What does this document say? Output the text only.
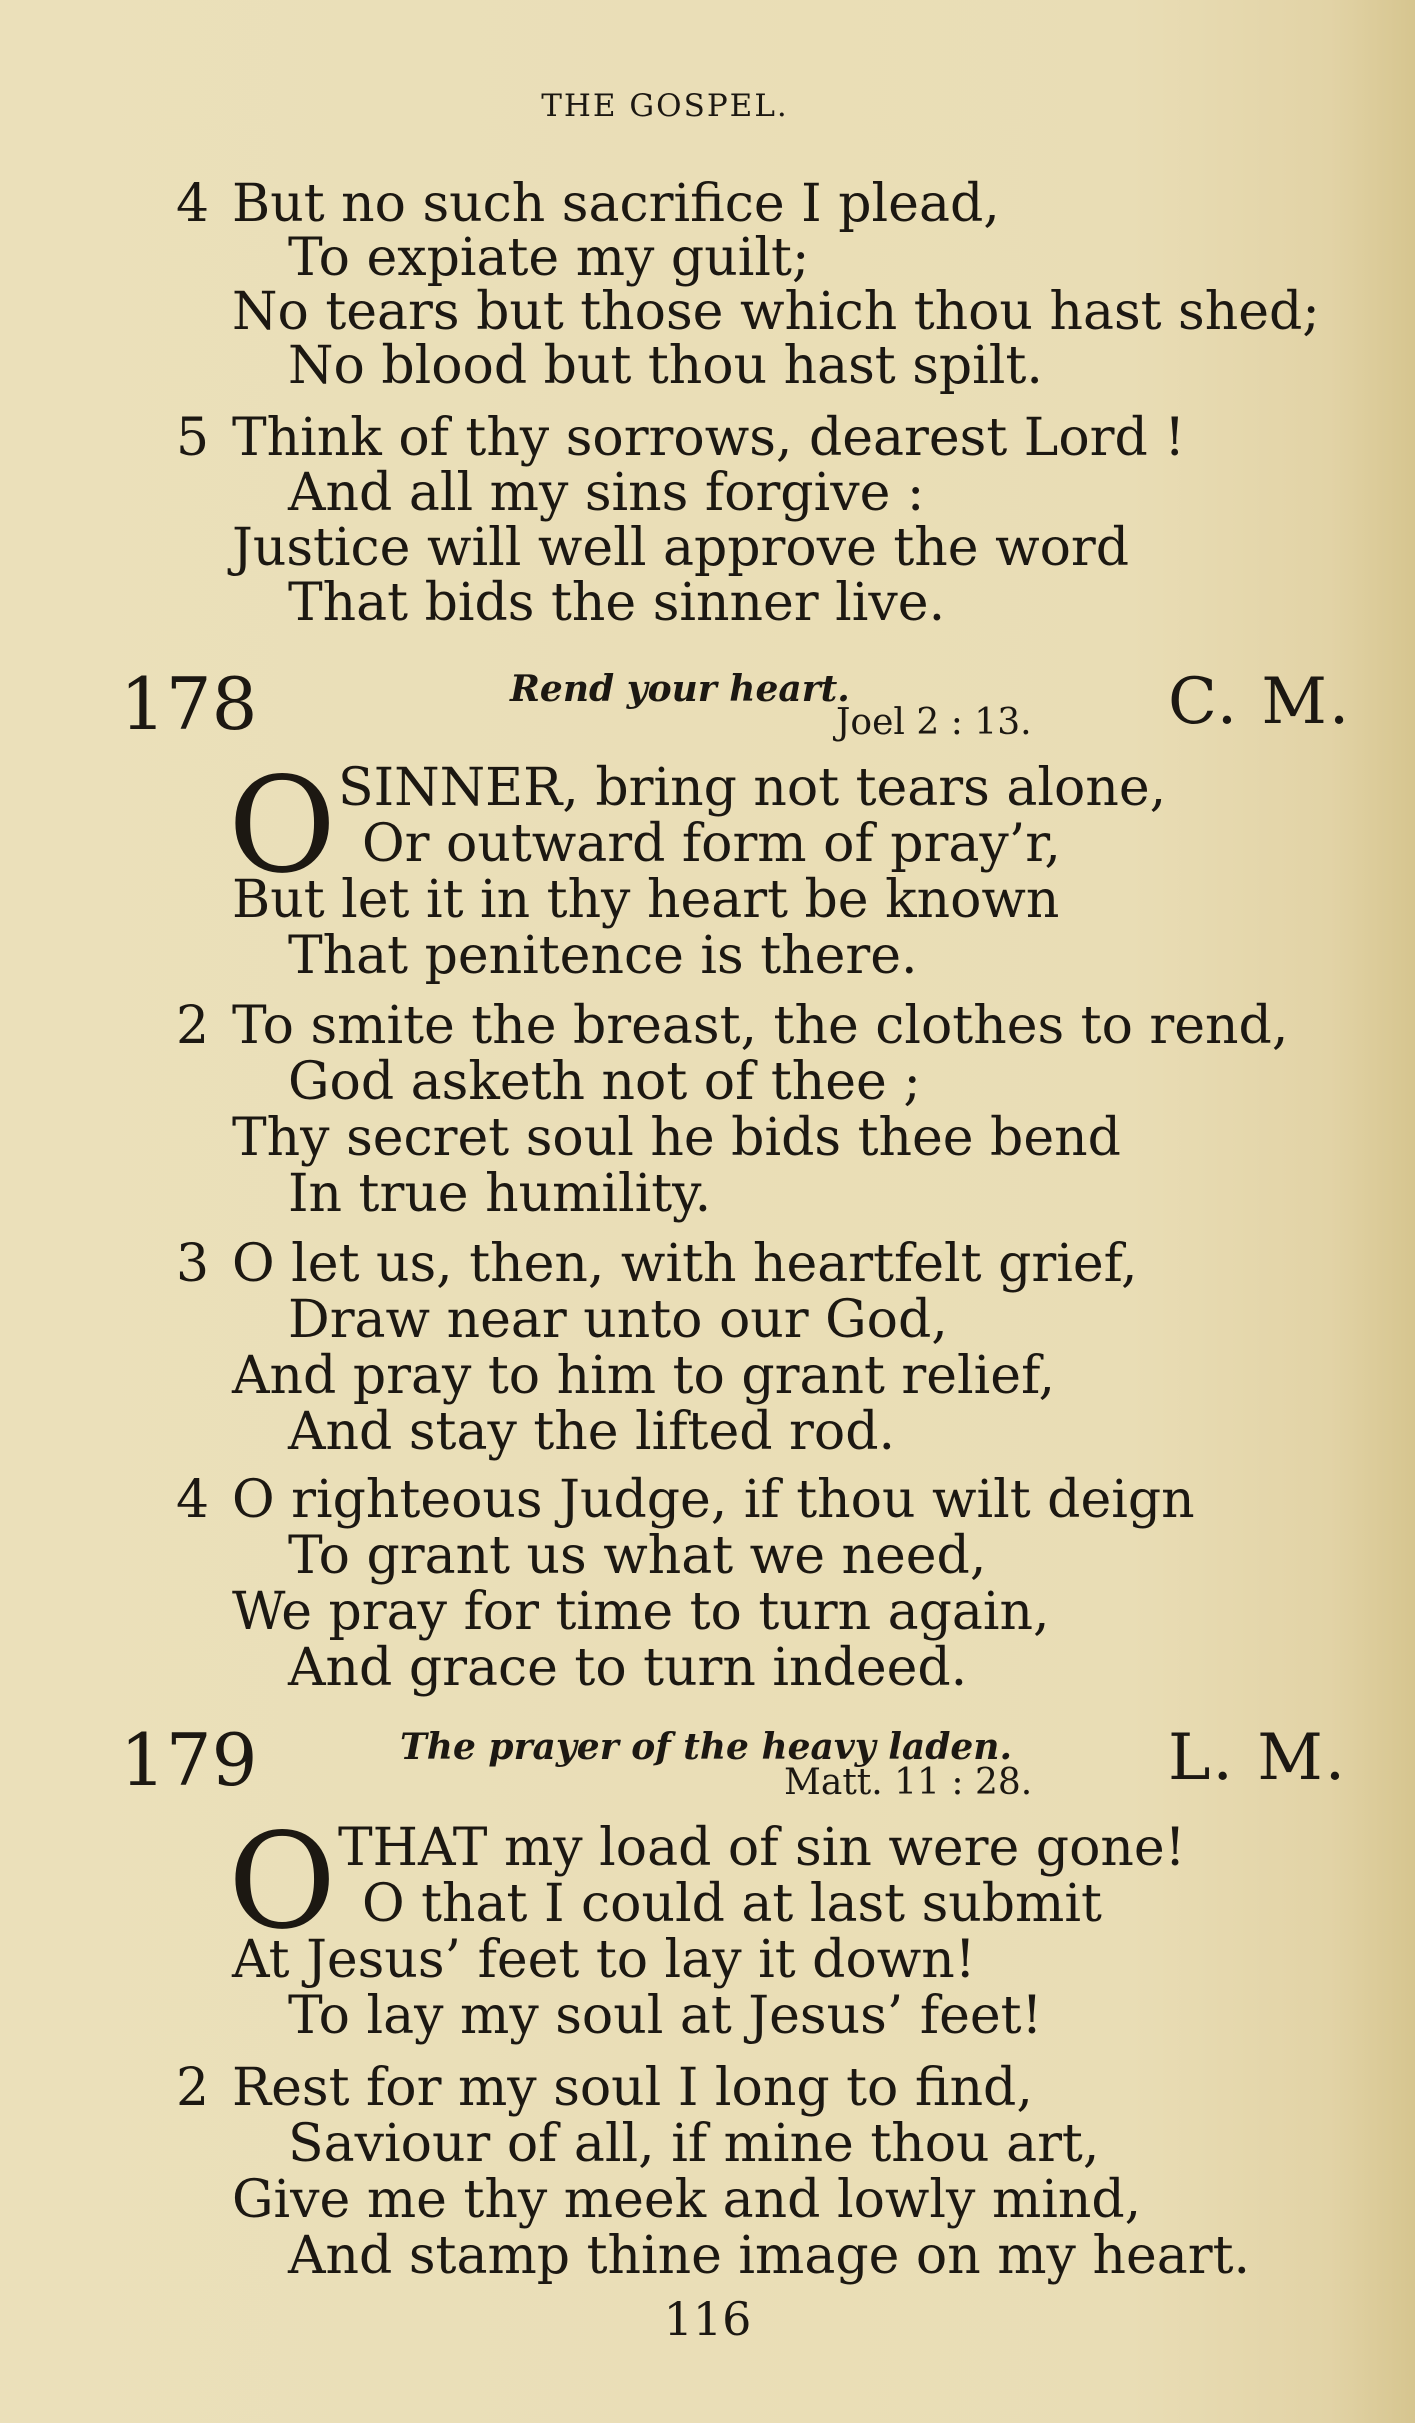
THE GOSPEL.
4 But no such sacrifice I plead,
To expiate my guilt;
No tears but those which thou hast shed;
No blood but thou hast spilt.
5 Think of thy sorrows, dearest Lord !
And all my sins forgive :
Justice will well approve the word
That bids the sinner live.
178	Rend your heart.
Joel 2 : 13. C. M.
O SINNER, bring not tears alone,
Or outward form of pray’r,
But let it in thy heart be known
That penitence is there.
2 To smite the breast, the clothes to rend,
God asketh not of thee ;
Thy secret soul he bids thee bend
In true humility.
3 O let us, then, with heartfelt grief,
Draw near unto our God,
And pray to him to grant relief,
And stay the lifted rod.
4 O righteous Judge, if thou wilt deign
To grant us what we need,
We pray for time to turn again,
And grace to turn indeed.
179	The prayer of the heavy laden.
Matt. 11 : 28. L. M.
O THAT my load of sin were gone!
O that I could at last submit
At Jesus’ feet to lay it down!
To lay my soul at Jesus’ feet!
2 Rest for my soul I long to find,
Saviour of all, if mine thou art,
Give me thy meek and lowly mind,
And stamp thine image on my heart.
116
